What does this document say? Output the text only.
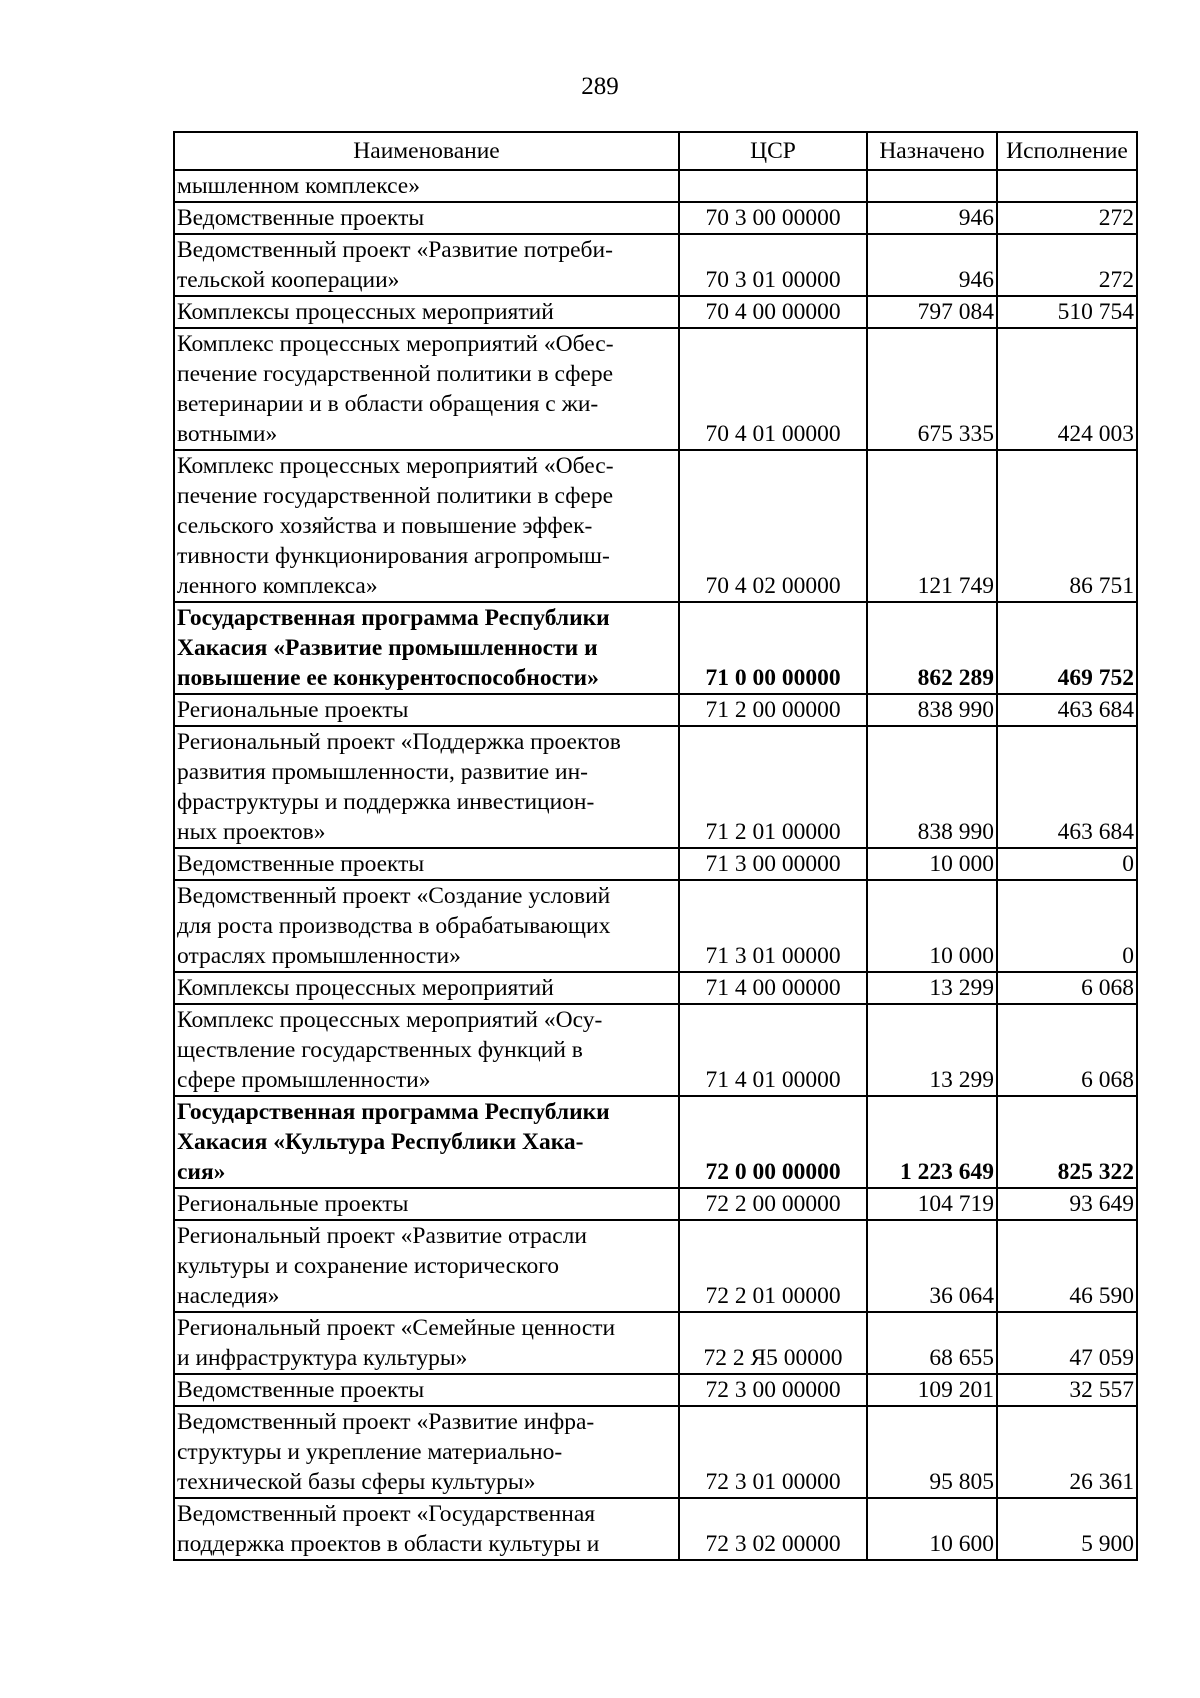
289
Наименование	ЦСР	Назначено	Исполнение
мышленном комплексе»			
Ведомственные проекты	70 3 00 00000	946	272
Ведомственный проект «Развитие потреби-
тельской кооперации»	70 3 01 00000	946	272
Комплексы процессных мероприятий	70 4 00 00000	797 084	510 754
Комплекс процессных мероприятий «Обес-
печение государственной политики в сфере
ветеринарии и в области обращения с жи-
вотными»	70 4 01 00000	675 335	424 003
Комплекс процессных мероприятий «Обес-
печение государственной политики в сфере
сельского хозяйства и повышение эффек-
тивности функционирования агропромыш-
ленного комплекса»	70 4 02 00000	121 749	86 751
Государственная программа Республики
Хакасия «Развитие промышленности и
повышение ее конкурентоспособности»	71 0 00 00000	862 289	469 752
Региональные проекты	71 2 00 00000	838 990	463 684
Региональный проект «Поддержка проектов
развития промышленности, развитие ин-
фраструктуры и поддержка инвестицион-
ных проектов»	71 2 01 00000	838 990	463 684
Ведомственные проекты	71 3 00 00000	10 000	0
Ведомственный проект «Создание условий
для роста производства в обрабатывающих
отраслях промышленности»	71 3 01 00000	10 000	0
Комплексы процессных мероприятий	71 4 00 00000	13 299	6 068
Комплекс процессных мероприятий «Осу-
ществление государственных функций в
сфере промышленности»	71 4 01 00000	13 299	6 068
Государственная программа Республики
Хакасия «Культура Республики Хака-
сия»	72 0 00 00000	1 223 649	825 322
Региональные проекты	72 2 00 00000	104 719	93 649
Региональный проект «Развитие отрасли
культуры и сохранение исторического
наследия»	72 2 01 00000	36 064	46 590
Региональный проект «Семейные ценности
и инфраструктура культуры»	72 2 Я5 00000	68 655	47 059
Ведомственные проекты	72 3 00 00000	109 201	32 557
Ведомственный проект «Развитие инфра-
структуры и укрепление материально-
технической базы сферы культуры»	72 3 01 00000	95 805	26 361
Ведомственный проект «Государственная
поддержка проектов в области культуры и	72 3 02 00000	10 600	5 900
